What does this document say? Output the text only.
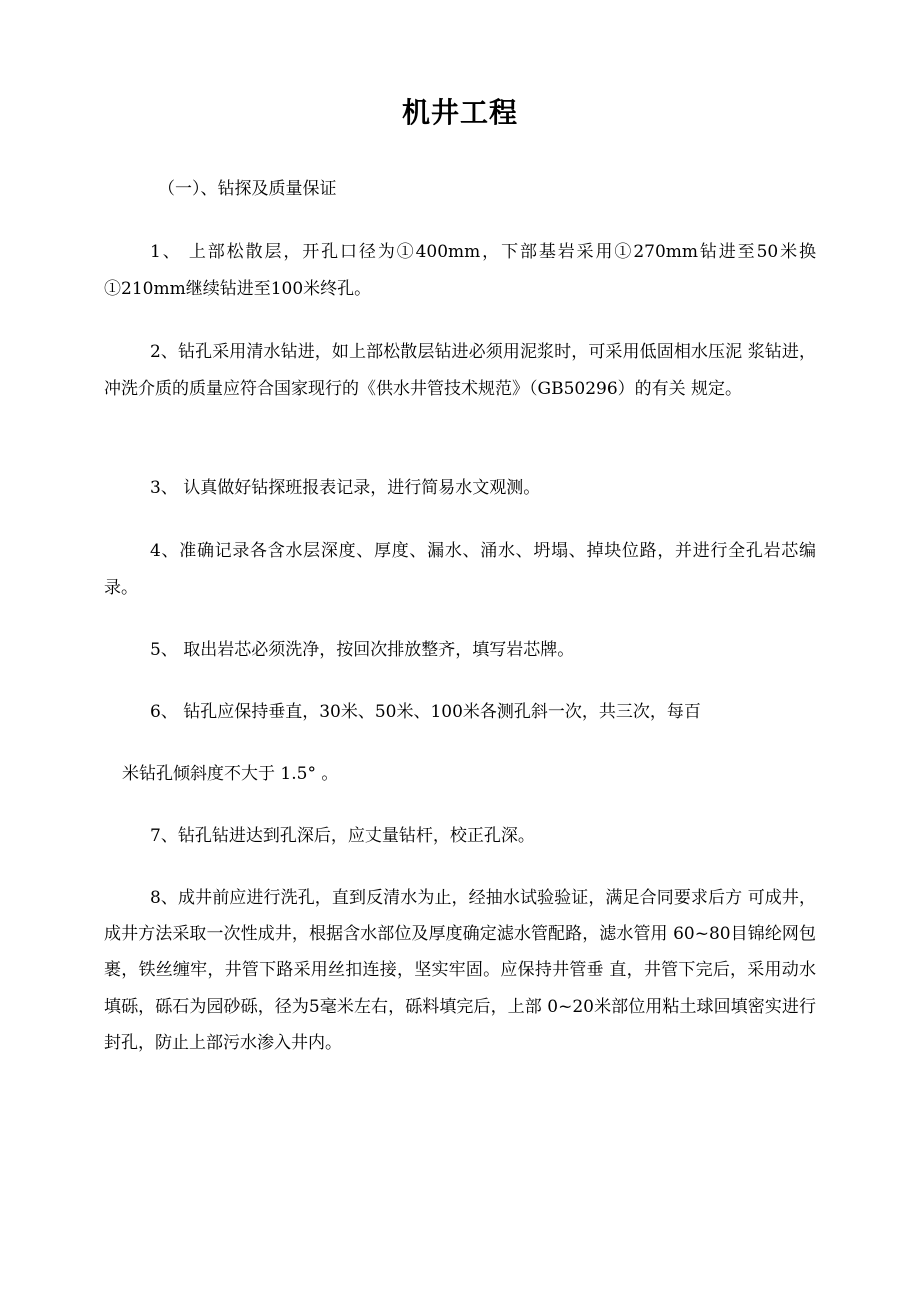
机井工程
（一）、钻探及质量保证

1、 上部松散层，开孔口径为①400mm，下部基岩采用①270mm钻进至50米换①210mm继续钻进至100米终孔。

2、钻孔采用清水钻进，如上部松散层钻进必须用泥浆时，可采用低固相水压泥 浆钻进，冲洗介质的质量应符合国家现行的《供水井管技术规范》（GB50296）的有关 规定。

3、 认真做好钻探班报表记录，进行简易水文观测。

4、准确记录各含水层深度、厚度、漏水、涌水、坍塌、掉块位路，并进行全孔岩芯编录。

5、 取出岩芯必须洗净，按回次排放整齐，填写岩芯牌。

6、 钻孔应保持垂直，30米、50米、100米各测孔斜一次，共三次，每百

米钻孔倾斜度不大于 1.5° 。

7、钻孔钻进达到孔深后，应丈量钻杆，校正孔深。

8、成井前应进行洗孔，直到反清水为止，经抽水试验验证，满足合同要求后方 可成井，成井方法采取一次性成井，根据含水部位及厚度确定滤水管配路，滤水管用 60~80目锦纶网包裹，铁丝缠牢，井管下路采用丝扣连接，坚实牢固。应保持井管垂 直，井管下完后，采用动水填砾，砾石为园砂砾，径为5毫米左右，砾料填完后，上部 0~20米部位用粘土球回填密实进行封孔，防止上部污水渗入井内。
